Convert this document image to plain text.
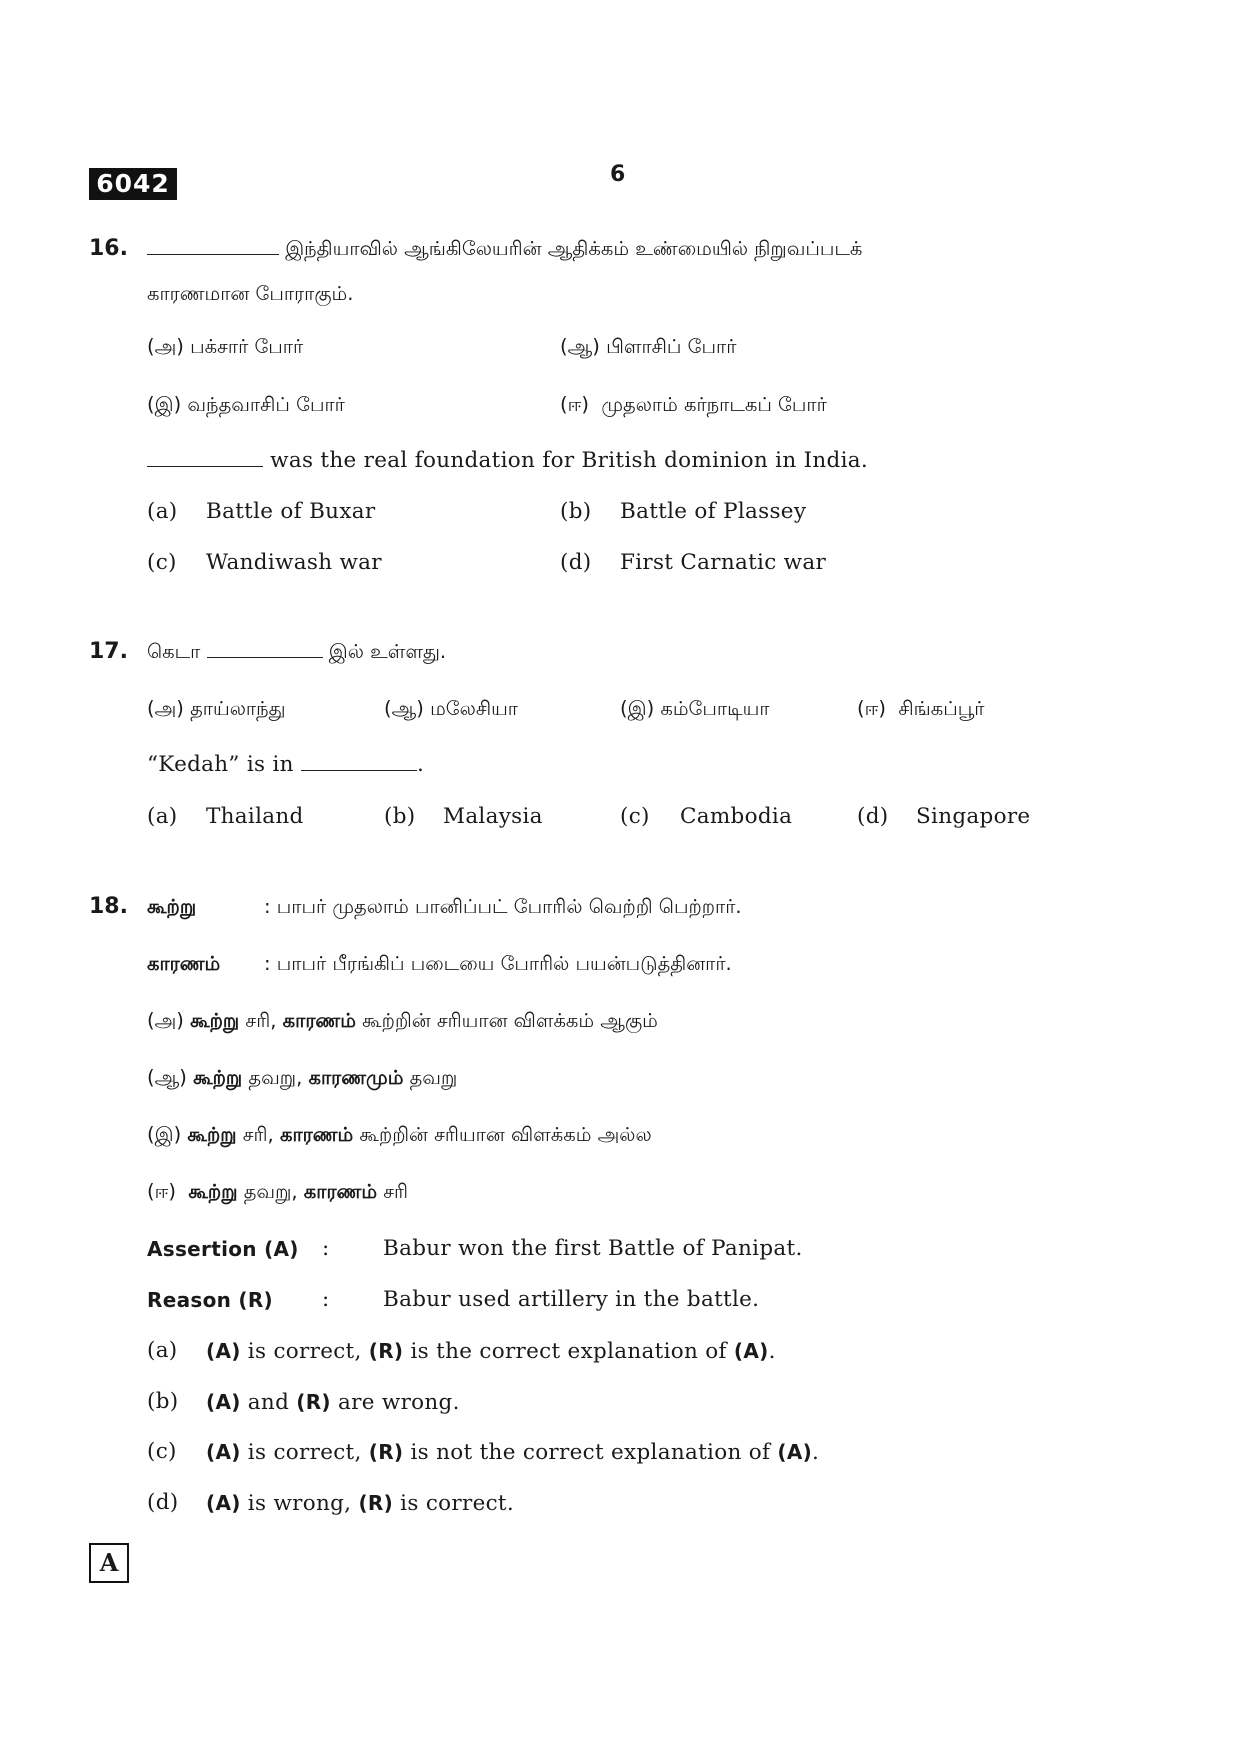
6042	6
16.	இந்தியாவில் ஆங்கிலேயரின் ஆதிக்கம் உண்மையில் நிறுவப்படக்
காரணமான போராகும்.
(அ) பக்சார் போர்	(ஆ) பிளாசிப் போர்
(இ) வந்தவாசிப் போர்	(ஈ) முதலாம் கர்நாடகப் போர்
was the real foundation for British dominion in India.
(a) Battle of Buxar	(b) Battle of Plassey
(c) Wandiwash war	(d) First Carnatic war
17. கெடா	இல் உள்ளது.
(அ) தாய்லாந்து	(ஆ) மலேசியா	(இ) கம்போடியா	(ஈ) சிங்கப்பூர்
“Kedah” is in	.
(a) Thailand	(b) Malaysia	(c) Cambodia	(d) Singapore
18. கூற்று	: பாபர் முதலாம் பானிப்பட் போரில் வெற்றி பெற்றார்.
காரணம் : பாபர் பீரங்கிப் படையை போரில் பயன்படுத்தினார்.
(அ) கூற்று சரி, காரணம் கூற்றின் சரியான விளக்கம் ஆகும்
(ஆ) கூற்று தவறு, காரணமும் தவறு
(இ) கூற்று சரி, காரணம் கூற்றின் சரியான விளக்கம் அல்ல
(ஈ) கூற்று தவறு, காரணம் சரி
Assertion (A) : Babur won the first Battle of Panipat.
Reason (R) : Babur used artillery in the battle.
(a) (A) is correct, (R) is the correct explanation of (A).
(b) (A) and (R) are wrong.
(c) (A) is correct, (R) is not the correct explanation of (A).
(d) (A) is wrong, (R) is correct.
A
